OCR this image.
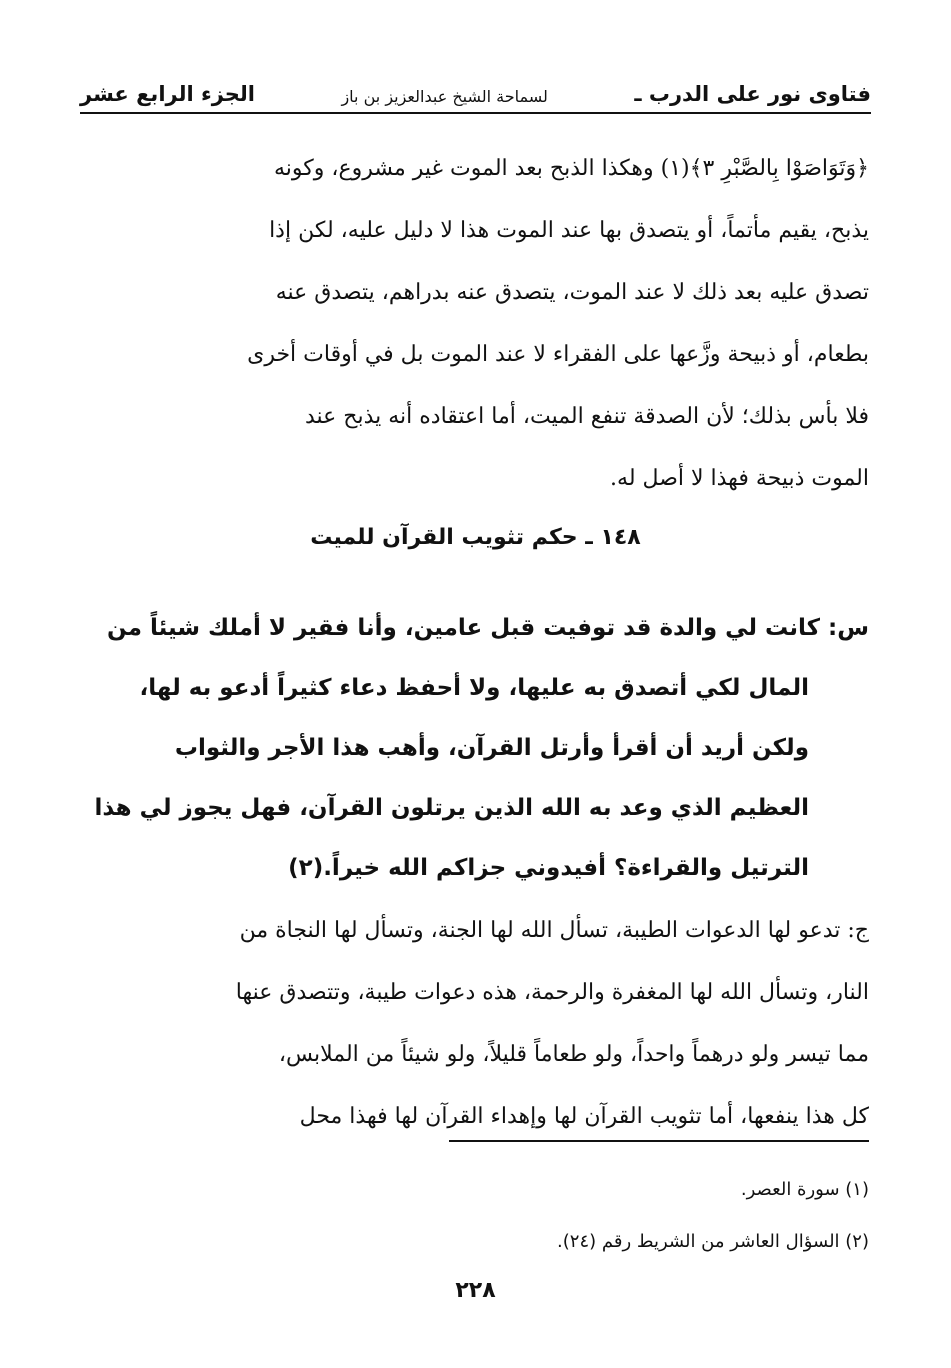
فتاوى نور على الدرب ـ
لسماحة الشيخ عبدالعزيز بن باز
الجزء الرابع عشر
﴿وَتَوَاصَوْا بِالصَّبْرِ ٣﴾(١) وهكذا الذبح بعد الموت غير مشروع، وكونه
يذبح، يقيم مأتماً، أو يتصدق بها عند الموت هذا لا دليل عليه، لكن إذا
تصدق عليه بعد ذلك لا عند الموت، يتصدق عنه بدراهم، يتصدق عنه
بطعام، أو ذبيحة وزَّعها على الفقراء لا عند الموت بل في أوقات أخرى
فلا بأس بذلك؛ لأن الصدقة تنفع الميت، أما اعتقاده أنه يذبح عند
الموت ذبيحة فهذا لا أصل له.
١٤٨ ـ حكم تثويب القرآن للميت
س: كانت لي والدة قد توفيت قبل عامين، وأنا فقير لا أملك شيئاً من
المال لكي أتصدق به عليها، ولا أحفظ دعاء كثيراً أدعو به لها،
ولكن أريد أن أقرأ وأرتل القرآن، وأهب هذا الأجر والثواب
العظيم الذي وعد به الله الذين يرتلون القرآن، فهل يجوز لي هذا
الترتيل والقراءة؟ أفيدوني جزاكم الله خيراً.(٢)
ج: تدعو لها الدعوات الطيبة، تسأل الله لها الجنة، وتسأل لها النجاة من
النار، وتسأل الله لها المغفرة والرحمة، هذه دعوات طيبة، وتتصدق عنها
مما تيسر ولو درهماً واحداً، ولو طعاماً قليلاً، ولو شيئاً من الملابس،
كل هذا ينفعها، أما تثويب القرآن لها وإهداء القرآن لها فهذا محل
(١) سورة العصر.
(٢) السؤال العاشر من الشريط رقم (٢٤).
٢٢٨
